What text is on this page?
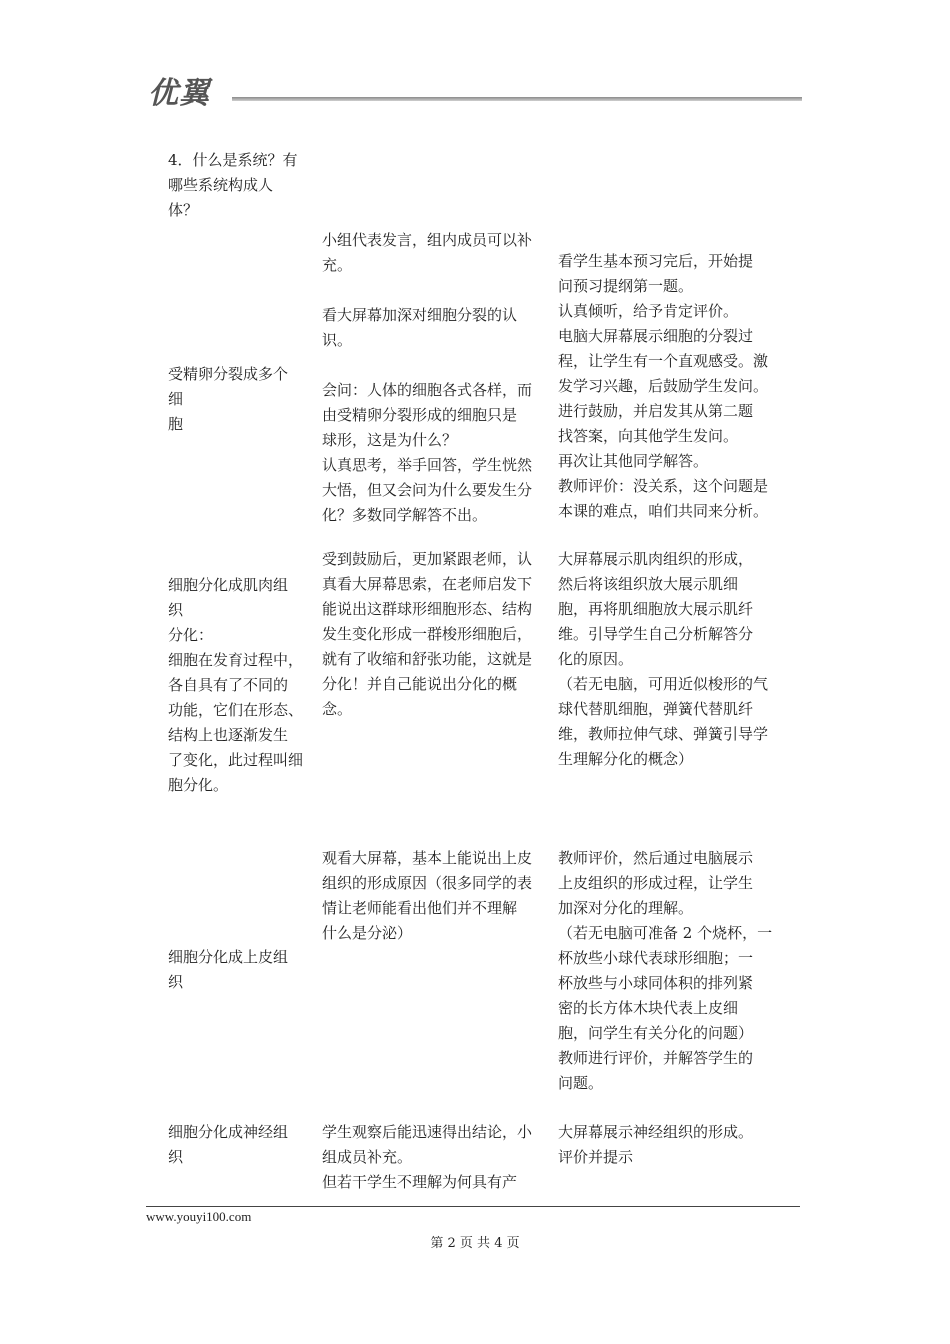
优翼
4．什么是系统？有
哪些系统构成人
体？
受精卵分裂成多个
细
胞
小组代表发言，组内成员可以补
充。

看大屏幕加深对细胞分裂的认
识。

会问：人体的细胞各式各样，而
由受精卵分裂形成的细胞只是
球形，这是为什么？
认真思考，举手回答，学生恍然
大悟，但又会问为什么要发生分
化？多数同学解答不出。
看学生基本预习完后，开始提
问预习提纲第一题。
认真倾听，给予肯定评价。
电脑大屏幕展示细胞的分裂过
程，让学生有一个直观感受。激
发学习兴趣，后鼓励学生发问。
进行鼓励，并启发其从第二题
找答案，向其他学生发问。
再次让其他同学解答。
教师评价：没关系，这个问题是
本课的难点，咱们共同来分析。
细胞分化成肌肉组
织
分化：
细胞在发育过程中，
各自具有了不同的
功能，它们在形态、
结构上也逐渐发生
了变化，此过程叫细
胞分化。
受到鼓励后，更加紧跟老师，认
真看大屏幕思索，在老师启发下
能说出这群球形细胞形态、结构
发生变化形成一群梭形细胞后，
就有了收缩和舒张功能，这就是
分化！并自己能说出分化的概
念。
大屏幕展示肌肉组织的形成，
然后将该组织放大展示肌细
胞，再将肌细胞放大展示肌纤
维。引导学生自己分析解答分
化的原因。
（若无电脑，可用近似梭形的气
球代替肌细胞，弹簧代替肌纤
维，教师拉伸气球、弹簧引导学
生理解分化的概念）
细胞分化成上皮组
织
观看大屏幕，基本上能说出上皮
组织的形成原因（很多同学的表
情让老师能看出他们并不理解
什么是分泌）
教师评价，然后通过电脑展示
上皮组织的形成过程，让学生
加深对分化的理解。
（若无电脑可准备 2 个烧杯，一
杯放些小球代表球形细胞；一
杯放些与小球同体积的排列紧
密的长方体木块代表上皮细
胞，问学生有关分化的问题）
教师进行评价，并解答学生的
问题。
细胞分化成神经组
织
学生观察后能迅速得出结论，小
组成员补充。
但若干学生不理解为何具有产
大屏幕展示神经组织的形成。
评价并提示
www.youyi100.com
第 2 页 共 4 页
